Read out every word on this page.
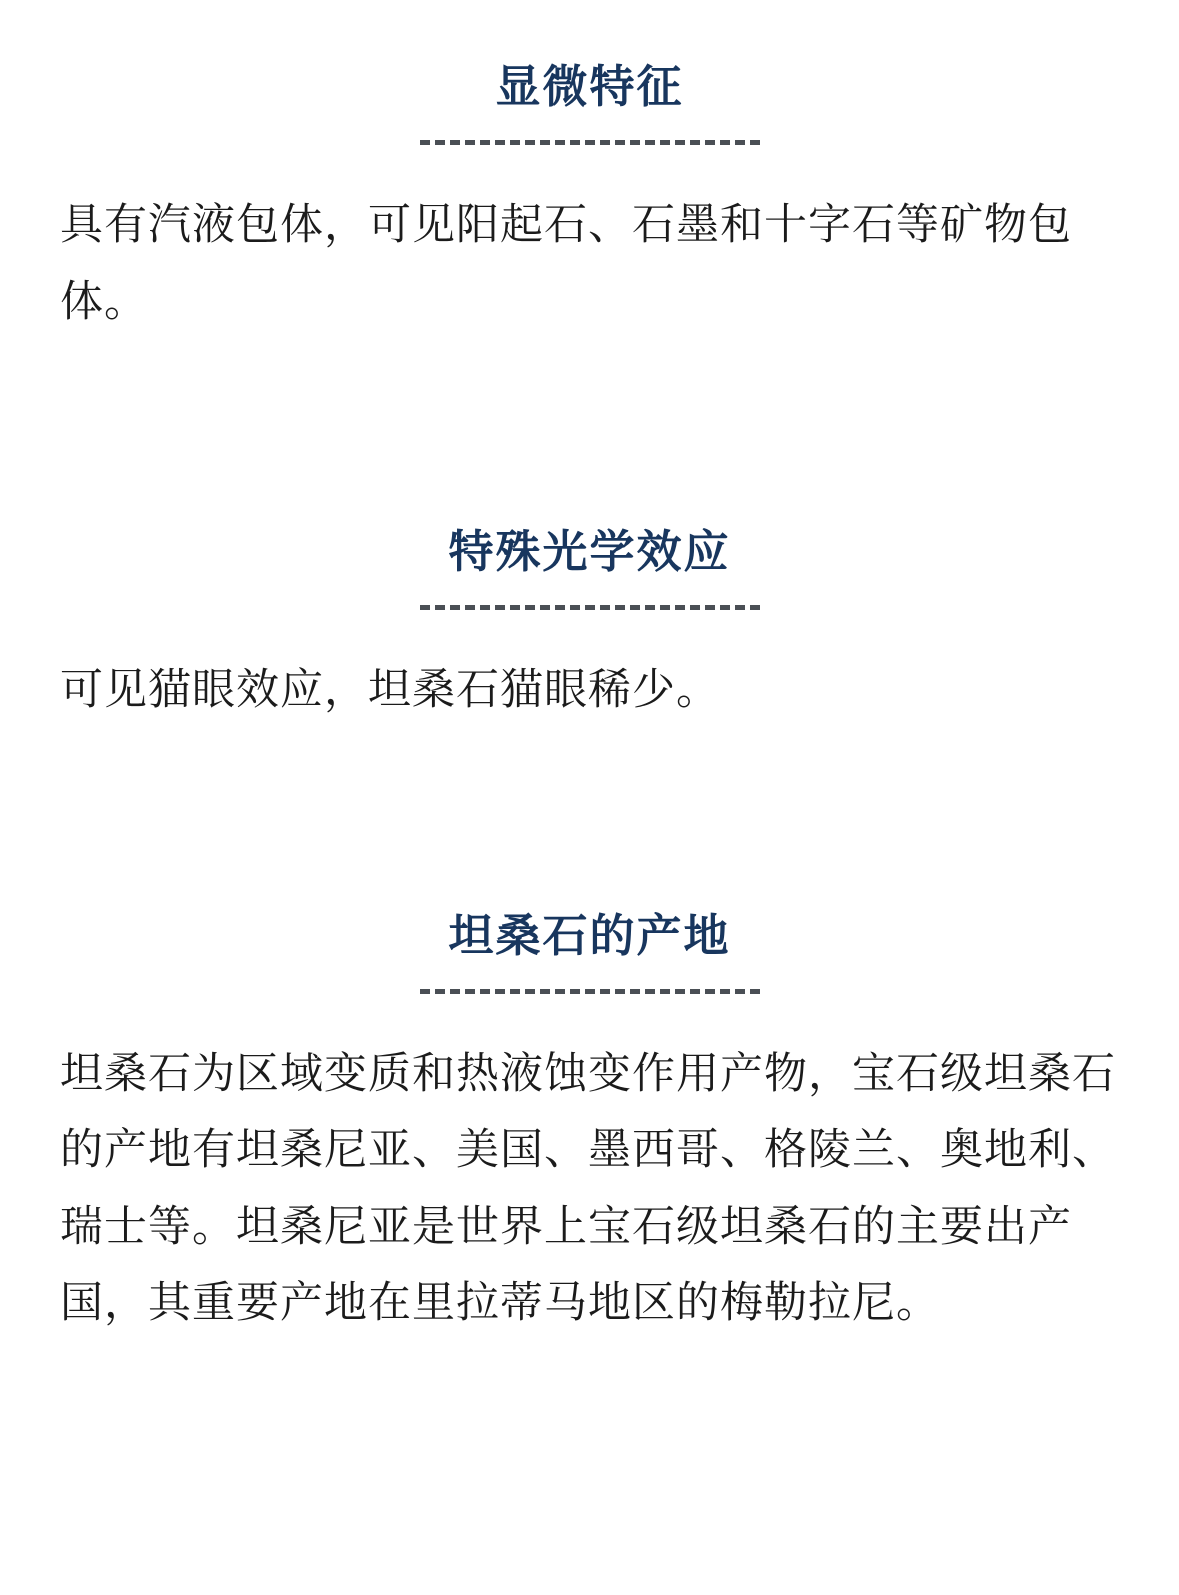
显微特征
具有汽液包体，可见阳起石、石墨和十字石等矿物包体。
特殊光学效应
可见猫眼效应，坦桑石猫眼稀少。
坦桑石的产地
坦桑石为区域变质和热液蚀变作用产物，宝石级坦桑石的产地有坦桑尼亚、美国、墨西哥、格陵兰、奥地利、瑞士等。坦桑尼亚是世界上宝石级坦桑石的主要出产国，其重要产地在里拉蒂马地区的梅勒拉尼。
